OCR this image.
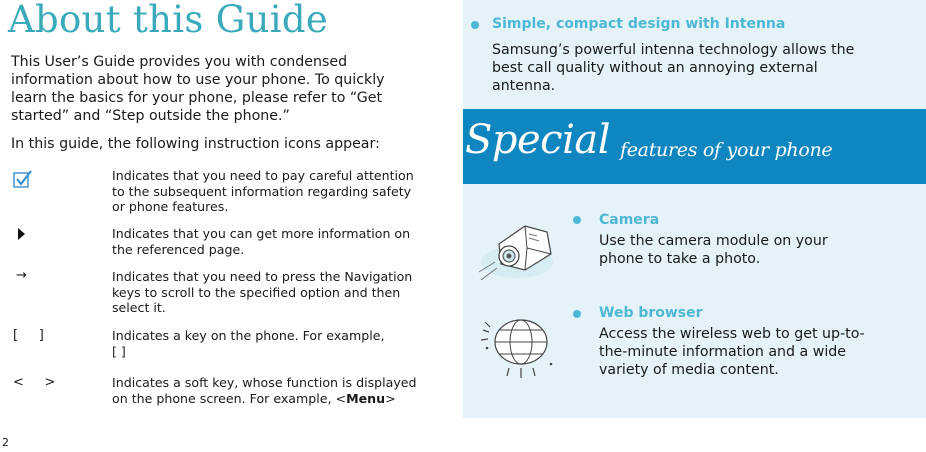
About this Guide

This User’s Guide provides you with condensed information about how to use your phone. To quickly learn the basics for your phone, please refer to “Get started” and “Step outside the phone.”

In this guide, the following instruction icons appear:

Indicates that you need to pay careful attention to the subsequent information regarding safety or phone features.
Indicates that you can get more information on the referenced page.
→	Indicates that you need to press the Navigation keys to scroll to the specified option and then select it.
[     ]	Indicates a key on the phone. For example,
[ ]
<     >	Indicates a soft key, whose function is displayed on the phone screen. For example, <Menu>
2
Simple, compact design with Intenna
Samsung’s powerful intenna technology allows the best call quality without an annoying external antenna.
Special features of your phone
Camera
Use the camera module on your phone to take a photo.
Web browser
Access the wireless web to get up-to-the-minute information and a wide variety of media content.
